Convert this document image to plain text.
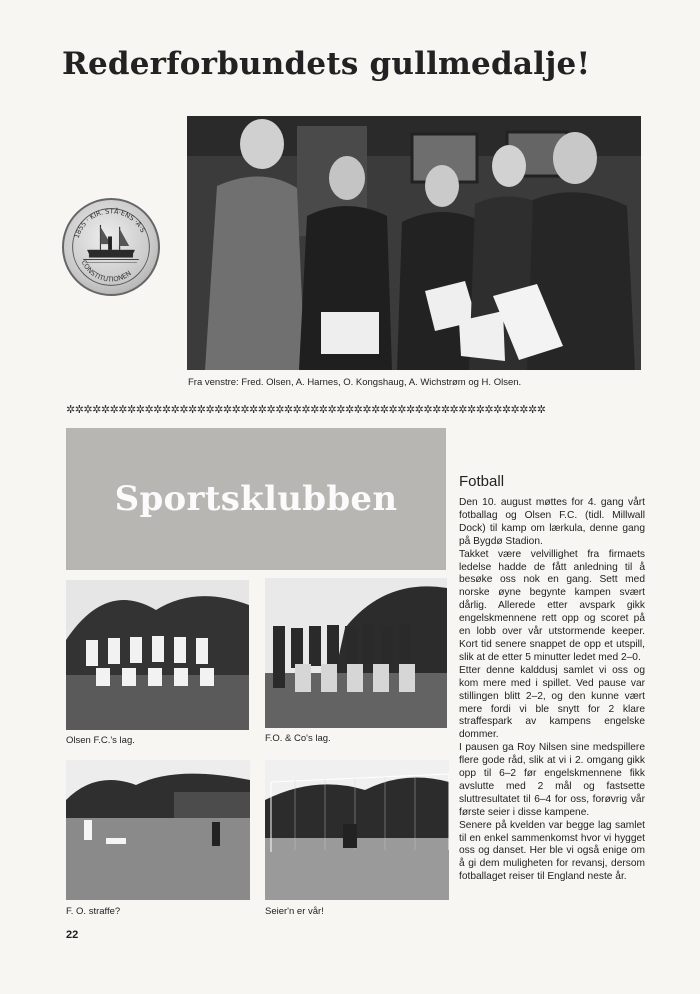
Rederforbundets gullmedalje!
1855 · KIR. STÅ·ENS ·A·S
CONSTITUTIONEN
Fra venstre: Fred. Olsen, A. Harnes, O. Kongshaug, A. Wichstrøm og H. Olsen.
✲✲✲✲✲✲✲✲✲✲✲✲✲✲✲✲✲✲✲✲✲✲✲✲✲✲✲✲✲✲✲✲✲✲✲✲✲✲✲✲✲✲✲✲✲✲✲✲✲✲✲✲✲✲✲
Sportsklubben
Olsen F.C.'s lag.	F.O. & Co's lag.
F. O. straffe?	Seier'n er vår!
Fotball

Den 10. august møttes for 4. gang vårt fotballag og Olsen F.C. (tidl. Millwall Dock) til kamp om lærkula, denne gang på Bygdø Stadion.

Takket være velvillighet fra firmaets ledelse hadde de fått anledning til å besøke oss nok en gang. Sett med norske øyne begynte kampen svært dårlig. Allerede etter avspark gikk engelskmennene rett opp og scoret på en lobb over vår utstormende keeper. Kort tid senere snappet de opp et utspill, slik at de etter 5 minutter ledet med 2–0.

Etter denne kalddusj samlet vi oss og kom mere med i spillet. Ved pause var stillingen blitt 2–2, og den kunne vært mere fordi vi ble snytt for 2 klare straffespark av kampens engelske dommer.

I pausen ga Roy Nilsen sine medspillere flere gode råd, slik at vi i 2. omgang gikk opp til 6–2 før engelskmennene fikk avslutte med 2 mål og fastsette sluttresultatet til 6–4 for oss, forøvrig vår første seier i disse kampene.

Senere på kvelden var begge lag samlet til en enkel sammenkomst hvor vi hygget oss og danset. Her ble vi også enige om å gi dem muligheten for revansj, dersom fotballaget reiser til England neste år.

22
